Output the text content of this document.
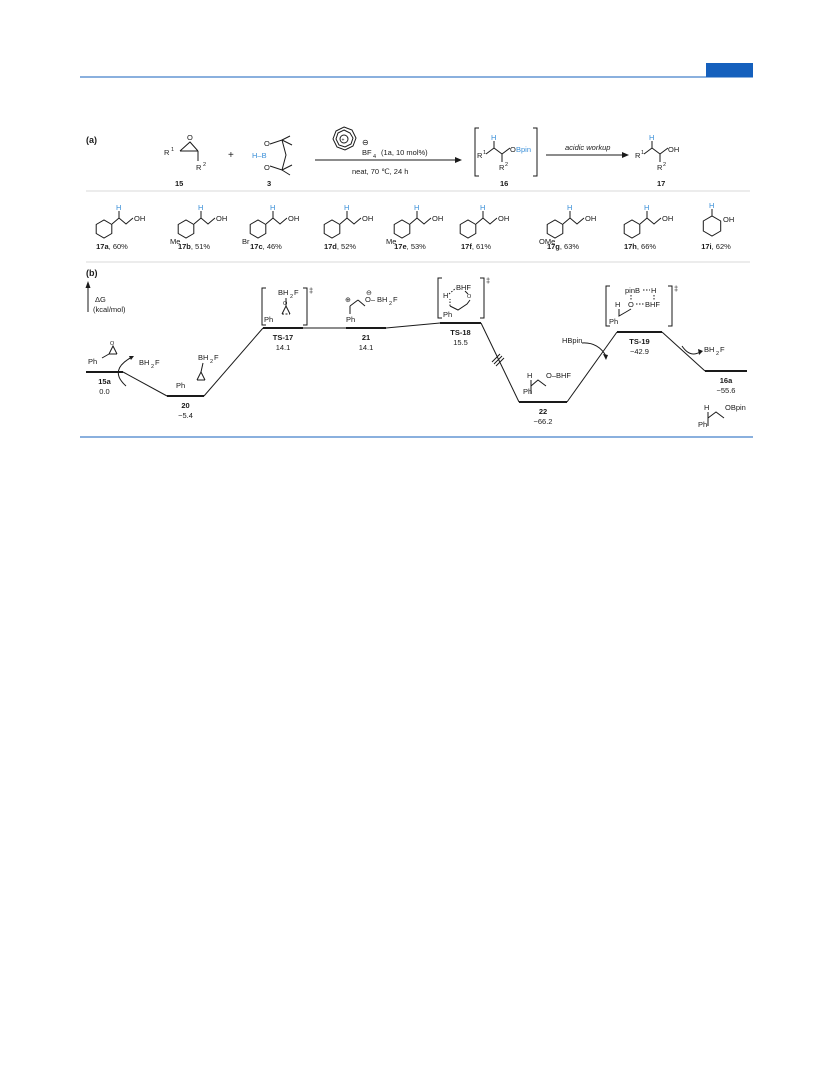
(a)	O
R 1
R 2
15
+ H–B
O
O
3
+ ⊖
BF 4 (1a, 10 mol%)
neat, 70 ℃, 24 h
H
O Bpin
R 1
R 2
16
acidic workup
H
OH
R 1
R 2
17
H
OH
17a, 60%
H
OH
Me
17b, 51%
H
OH
Br
17c, 46%
H
OH
17d, 52%
H
OH
Me
17e, 53%
H
OH
17f, 61%
H
OH
OMe
17g, 63%
H
OH
17h, 66%
H
OH
17i, 62%
(b)
ΔG
(kcal/mol)
15a
0.0
20
−5.4
TS-17
14.1
21
14.1
TS-18
15.5
22
−66.2
TS-19
−42.9
16a
−55.6
O
Ph	BH 2 F
BH 2 F
Ph
‡
BH 2 F
O
Ph
⊕
⊖
O– BH 2 F
Ph
‡
BHF
H	O
Ph
H O–BHF
Ph
HBpin
‡
pinB H
H O BHF
Ph
BH 2 F
H OBpin
Ph
